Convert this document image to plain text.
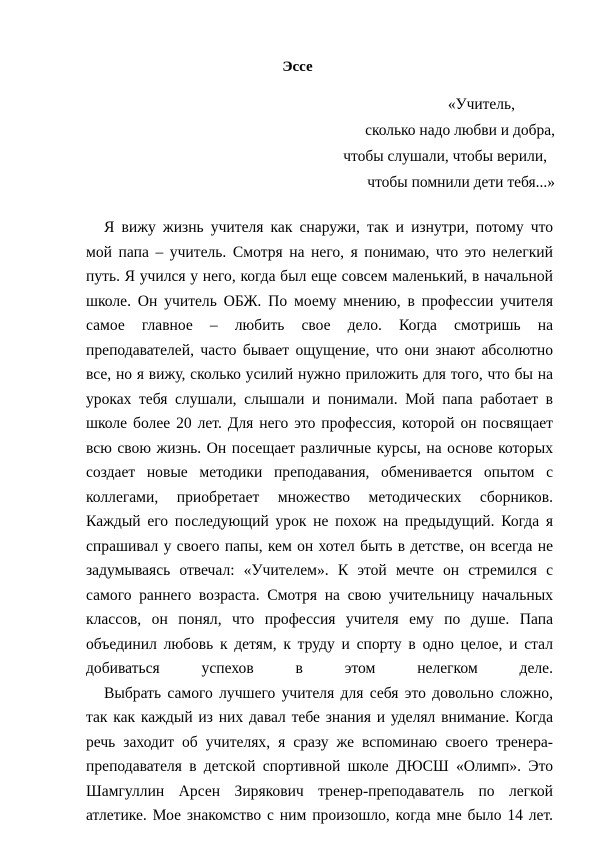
Эссе
«Учитель,
сколько надо любви и добра,
чтобы слушали, чтобы верили,
чтобы помнили дети тебя...»
Я вижу жизнь учителя как снаружи, так и изнутри, потому что
мой папа – учитель. Смотря на него, я понимаю, что это нелегкий
путь. Я учился у него, когда был еще совсем маленький, в начальной
школе. Он учитель ОБЖ. По моему мнению, в профессии учителя
самое главное – любить свое дело. Когда смотришь на
преподавателей, часто бывает ощущение, что они знают абсолютно
все, но я вижу, сколько усилий нужно приложить для того, что бы на
уроках тебя слушали, слышали и понимали. Мой папа работает в
школе более 20 лет. Для него это профессия, которой он посвящает
всю свою жизнь. Он посещает различные курсы, на основе которых
создает новые методики преподавания, обменивается опытом с
коллегами, приобретает множество методических сборников.
Каждый его последующий урок не похож на предыдущий. Когда я
спрашивал у своего папы, кем он хотел быть в детстве, он всегда не
задумываясь отвечал: «Учителем». К этой мечте он стремился с
самого раннего возраста. Смотря на свою учительницу начальных
классов, он понял, что профессия учителя ему по душе. Папа
объединил любовь к детям, к труду и спорту в одно целое, и стал
добиваться успехов в этом нелегком деле.
Выбрать самого лучшего учителя для себя это довольно сложно,
так как каждый из них давал тебе знания и уделял внимание. Когда
речь заходит об учителях, я сразу же вспоминаю своего тренера-
преподавателя в детской спортивной школе ДЮСШ «Олимп». Это
Шамгуллин Арсен Зирякович тренер-преподаватель по легкой
атлетике. Мое знакомство с ним произошло, когда мне было 14 лет.
